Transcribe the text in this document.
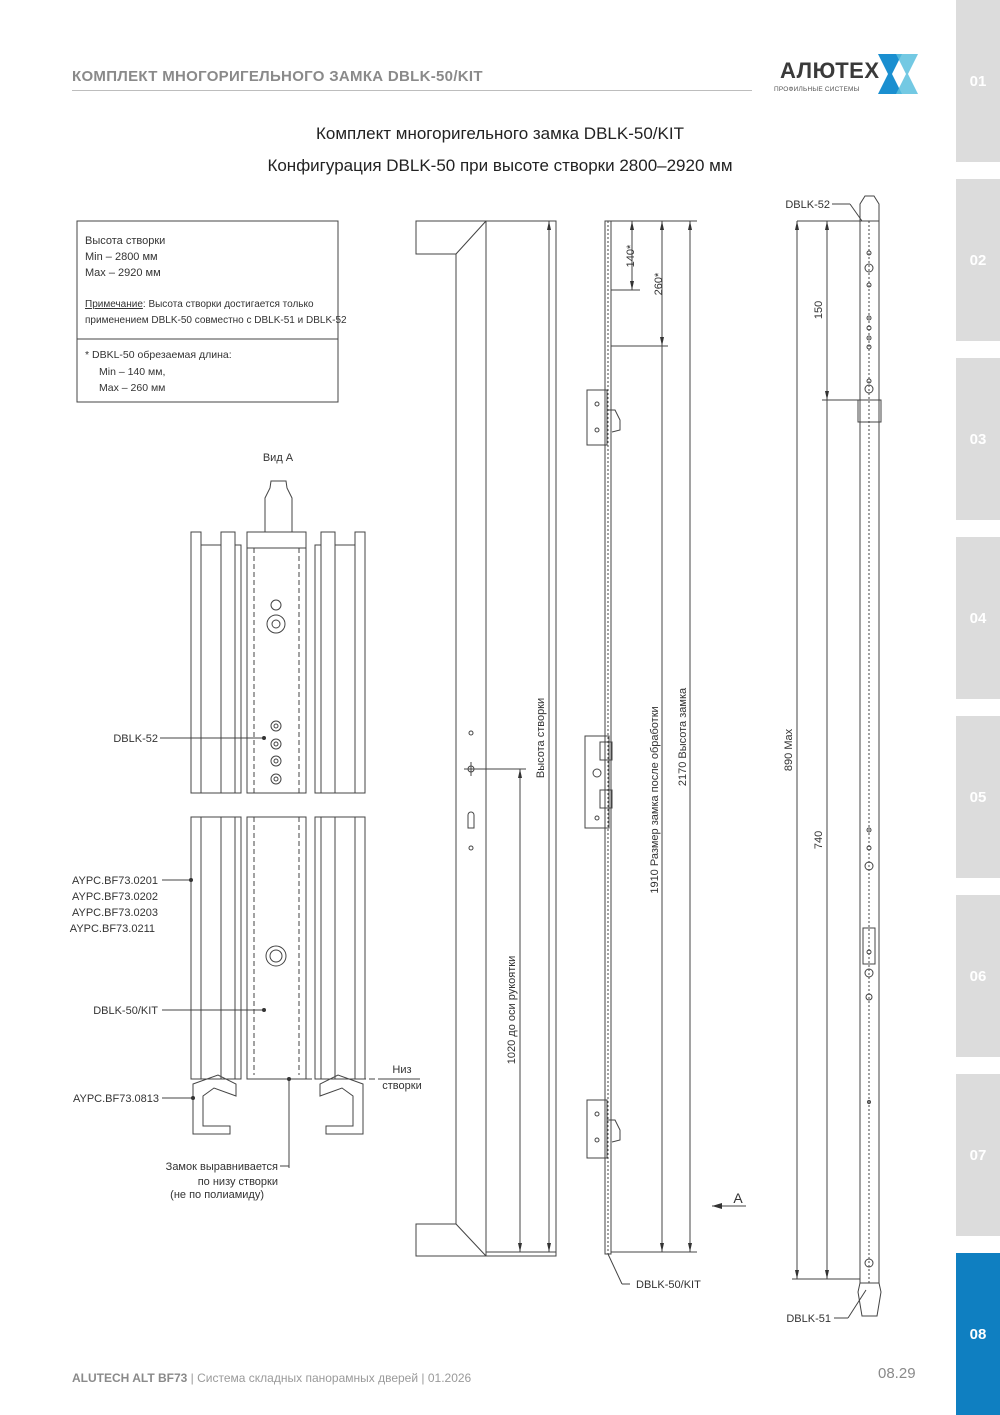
КОМПЛЕКТ МНОГОРИГЕЛЬНОГО ЗАМКА DBLK-50/KIT	АЛЮТЕХ
ПРОФИЛЬНЫЕ СИСТЕМЫ	01
02
03
04
05
06
07
08
Комплект многоригельного замка DBLK-50/KIT
Конфигурация DBLK-50 при высоте створки 2800–2920 мм
Высота створки
Min – 2800 мм
Max – 2920 мм
Примечание: Высота створки достигается только
применением DBLK-50 совместно с DBLK-51 и DBLK-52
* DBKL-50 обрезаемая длина:
Min – 140 мм,
Max – 260 мм
Вид А
DBLK-52
AYPC.BF73.0201
AYPC.BF73.0202
AYPC.BF73.0203
AYPC.BF73.0211
DBLK-50/KIT
AYPC.BF73.0813
Низ
створки
Замок выравнивается
по низу створки
(не по полиамиду)
Высота створки
1020 до оси рукоятки
140*
260*
1910 Размер замка после обработки 2170 Высота замка
А
DBLK-50/KIT
DBLK-52
150
890 Max
740
DBLK-51
ALUTECH ALT BF73 | Система складных панорамных дверей | 01.2026	08.29
